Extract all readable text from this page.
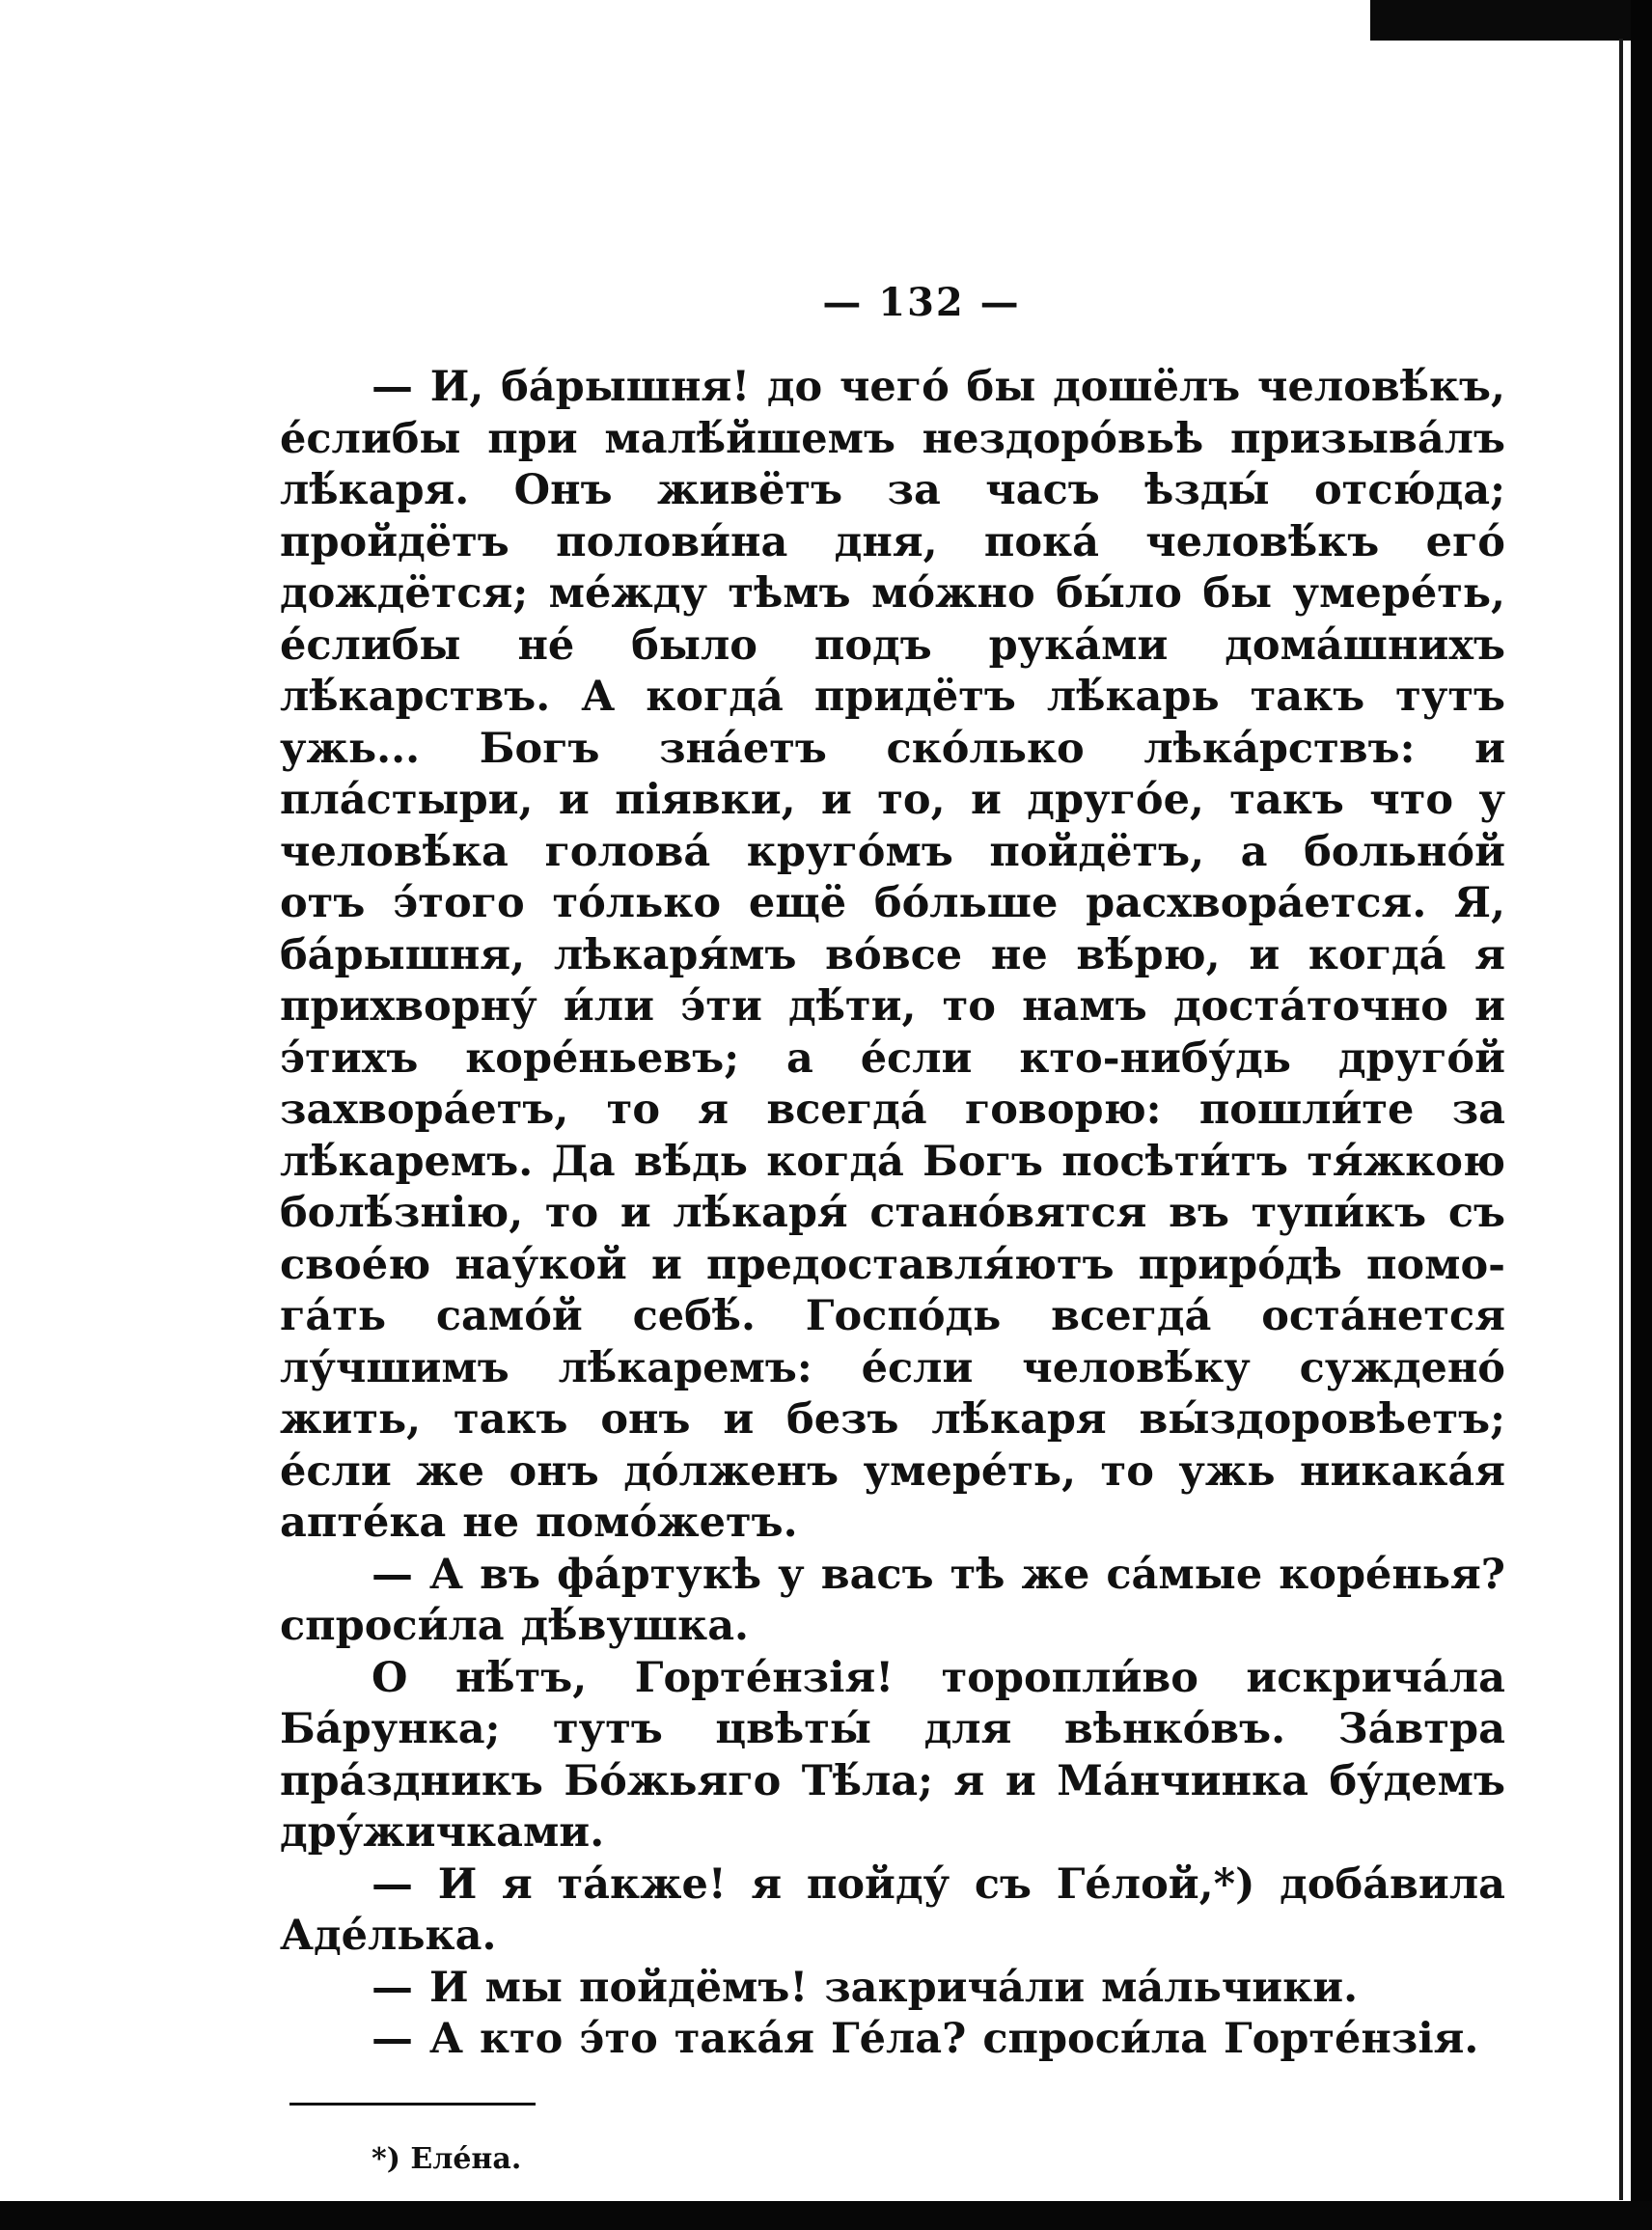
— 132 —

— И, ба́рышня! до чего́ бы дошёлъ человѣ́къ, е́слибы при малѣ́йшемъ нездоро́вьѣ призыва́лъ лѣ́каря. Онъ живётъ за часъ ѣзды́ отсю́да; пройдётъ полови́на дня, пока́ человѣ́къ его́ дождётся; ме́жду тѣмъ мо́жно бы́ло бы умере́ть, е́слибы не́ было подъ рука́ми дома́шнихъ лѣ́карствъ. А когда́ придётъ лѣ́карь такъ тутъ ужь... Богъ зна́етъ ско́лько лѣка́рствъ: и пла́стыри, и піявки, и то, и друго́е, такъ что у человѣ́ка голова́ круго́мъ пойдётъ, а больно́й отъ э́того то́лько ещё бо́льше расхвора́ется. Я, ба́рышня, лѣкаря́мъ во́все не вѣ́рю, и когда́ я прихворну́ и́ли э́ти дѣ́ти, то намъ доста́точно и э́тихъ коре́ньевъ; а е́сли кто-нибу́дь друго́й захвора́етъ, то я всегда́ говорю: пошли́те за лѣ́каремъ. Да вѣ́дь когда́ Богъ посѣти́тъ тя́жкою болѣ́знію, то и лѣ́каря́ стано́вятся въ тупи́къ съ свое́ю нау́кой и предоставля́ютъ приро́дѣ помога́ть само́й себѣ́. Госпо́дь всегда́ оста́нется лу́чшимъ лѣ́каремъ: е́сли человѣ́ку суждено́ жить, такъ онъ и безъ лѣ́каря вы́здоровѣетъ; е́сли же онъ до́лженъ умере́ть, то ужь никака́я апте́ка не помо́жетъ.

— А въ фа́ртукѣ у васъ тѣ же са́мые коре́нья? спроси́ла дѣ́вушка.

О нѣ́тъ, Горте́нзія! торопли́во искрича́ла Ба́рунка; тутъ цвѣты́ для вѣнко́въ. За́втра пра́здникъ Бо́жьяго Тѣ́ла; я и Ма́нчинка бу́демъ дру́жичками.

— И я та́кже! я пойду́ съ Ге́лой,*) доба́вила Аде́лька.

— И мы пойдёмъ! закрича́ли ма́льчики.

— А кто э́то така́я Ге́ла? спроси́ла Горте́нзія.

*) Еле́на.
